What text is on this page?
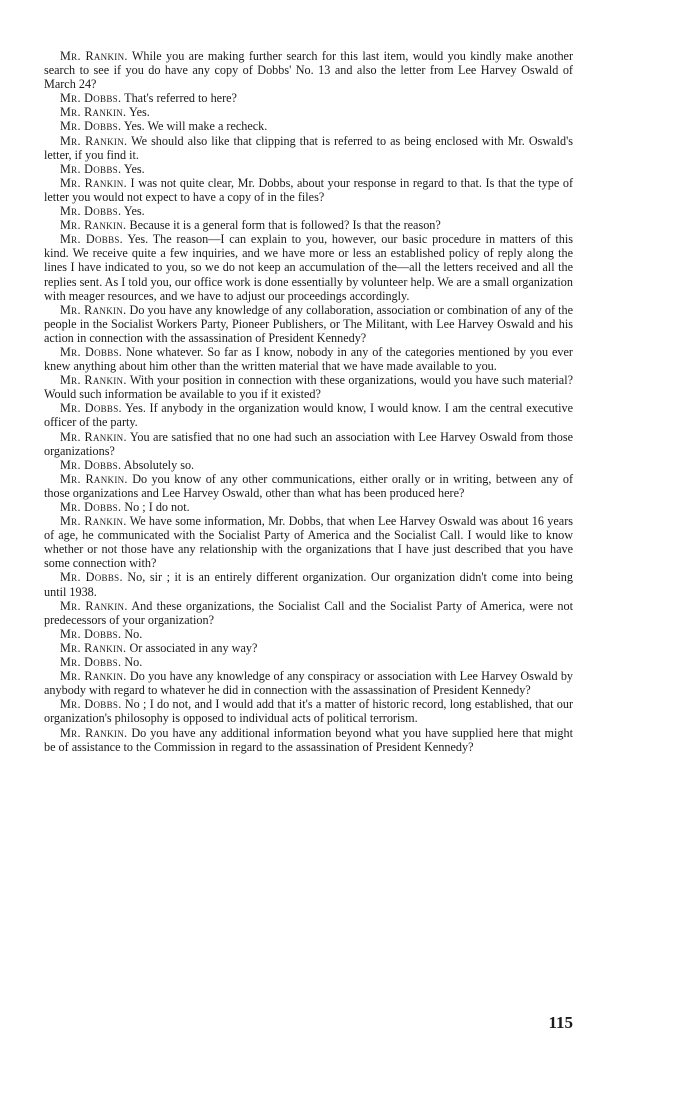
Mr. Rankin. While you are making further search for this last item, would you kindly make another search to see if you do have any copy of Dobbs' No. 13 and also the letter from Lee Harvey Oswald of March 24?

Mr. Dobbs. That's referred to here?

Mr. Rankin. Yes.

Mr. Dobbs. Yes. We will make a recheck.

Mr. Rankin. We should also like that clipping that is referred to as being enclosed with Mr. Oswald's letter, if you find it.

Mr. Dobbs. Yes.

Mr. Rankin. I was not quite clear, Mr. Dobbs, about your response in regard to that. Is that the type of letter you would not expect to have a copy of in the files?

Mr. Dobbs. Yes.

Mr. Rankin. Because it is a general form that is followed? Is that the reason?

Mr. Dobbs. Yes. The reason—I can explain to you, however, our basic procedure in matters of this kind. We receive quite a few inquiries, and we have more or less an established policy of reply along the lines I have indicated to you, so we do not keep an accumulation of the—all the letters received and all the replies sent. As I told you, our office work is done essentially by volunteer help. We are a small organization with meager resources, and we have to adjust our proceedings accordingly.

Mr. Rankin. Do you have any knowledge of any collaboration, association or combination of any of the people in the Socialist Workers Party, Pioneer Publishers, or The Militant, with Lee Harvey Oswald and his action in connection with the assassination of President Kennedy?

Mr. Dobbs. None whatever. So far as I know, nobody in any of the categories mentioned by you ever knew anything about him other than the written material that we have made available to you.

Mr. Rankin. With your position in connection with these organizations, would you have such material? Would such information be available to you if it existed?

Mr. Dobbs. Yes. If anybody in the organization would know, I would know. I am the central executive officer of the party.

Mr. Rankin. You are satisfied that no one had such an association with Lee Harvey Oswald from those organizations?

Mr. Dobbs. Absolutely so.

Mr. Rankin. Do you know of any other communications, either orally or in writing, between any of those organizations and Lee Harvey Oswald, other than what has been produced here?

Mr. Dobbs. No ; I do not.

Mr. Rankin. We have some information, Mr. Dobbs, that when Lee Harvey Oswald was about 16 years of age, he communicated with the Socialist Party of America and the Socialist Call. I would like to know whether or not those have any relationship with the organizations that I have just described that you have some connection with?

Mr. Dobbs. No, sir ; it is an entirely different organization. Our organization didn't come into being until 1938.

Mr. Rankin. And these organizations, the Socialist Call and the Socialist Party of America, were not predecessors of your organization?

Mr. Dobbs. No.

Mr. Rankin. Or associated in any way?

Mr. Dobbs. No.

Mr. Rankin. Do you have any knowledge of any conspiracy or association with Lee Harvey Oswald by anybody with regard to whatever he did in connection with the assassination of President Kennedy?

Mr. Dobbs. No ; I do not, and I would add that it's a matter of historic record, long established, that our organization's philosophy is opposed to individual acts of political terrorism.

Mr. Rankin. Do you have any additional information beyond what you have supplied here that might be of assistance to the Commission in regard to the assassination of President Kennedy?

115
